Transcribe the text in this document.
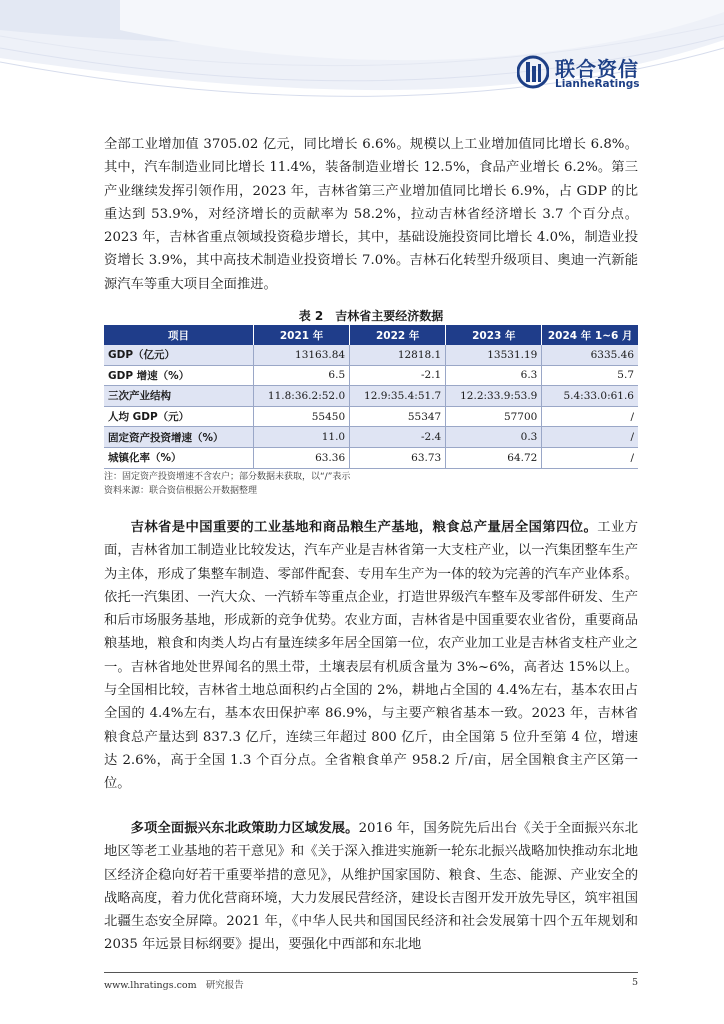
联合资信
LianheRatings

全部工业增加值 3705.02 亿元，同比增长 6.6%。规模以上工业增加值同比增长 6.8%。其中，汽车制造业同比增长 11.4%，装备制造业增长 12.5%，食品产业增长 6.2%。第三产业继续发挥引领作用，2023 年，吉林省第三产业增加值同比增长 6.9%，占 GDP 的比重达到 53.9%，对经济增长的贡献率为 58.2%，拉动吉林省经济增长 3.7 个百分点。2023 年，吉林省重点领域投资稳步增长，其中，基础设施投资同比增长 4.0%，制造业投资增长 3.9%，其中高技术制造业投资增长 7.0%。吉林石化转型升级项目、奥迪一汽新能源汽车等重大项目全面推进。

表 2　吉林省主要经济数据
项目	2021 年	2022 年	2023 年	2024 年 1~6 月
GDP（亿元）	13163.84	12818.1	13531.19	6335.46
GDP 增速（%）	6.5	-2.1	6.3	5.7
三次产业结构	11.8:36.2:52.0	12.9:35.4:51.7	12.2:33.9:53.9	5.4:33.0:61.6
人均 GDP（元）	55450	55347	57700	/
固定资产投资增速（%）	11.0	-2.4	0.3	/
城镇化率（%）	63.36	63.73	64.72	/
注：固定资产投资增速不含农户；部分数据未获取，以“/”表示
资料来源：联合资信根据公开数据整理

吉林省是中国重要的工业基地和商品粮生产基地，粮食总产量居全国第四位。工业方面，吉林省加工制造业比较发达，汽车产业是吉林省第一大支柱产业，以一汽集团整车生产为主体，形成了集整车制造、零部件配套、专用车生产为一体的较为完善的汽车产业体系。依托一汽集团、一汽大众、一汽轿车等重点企业，打造世界级汽车整车及零部件研发、生产和后市场服务基地，形成新的竞争优势。农业方面，吉林省是中国重要农业省份，重要商品粮基地，粮食和肉类人均占有量连续多年居全国第一位，农产业加工业是吉林省支柱产业之一。吉林省地处世界闻名的黑土带，土壤表层有机质含量为 3%~6%，高者达 15%以上。与全国相比较，吉林省土地总面积约占全国的 2%，耕地占全国的 4.4%左右，基本农田占全国的 4.4%左右，基本农田保护率 86.9%，与主要产粮省基本一致。2023 年，吉林省粮食总产量达到 837.3 亿斤，连续三年超过 800 亿斤，由全国第 5 位升至第 4 位，增速达 2.6%，高于全国 1.3 个百分点。全省粮食单产 958.2 斤/亩，居全国粮食主产区第一位。

多项全面振兴东北政策助力区域发展。2016 年，国务院先后出台《关于全面振兴东北地区等老工业基地的若干意见》和《关于深入推进实施新一轮东北振兴战略加快推动东北地区经济企稳向好若干重要举措的意见》，从维护国家国防、粮食、生态、能源、产业安全的战略高度，着力优化营商环境，大力发展民营经济，建设长吉图开发开放先导区，筑牢祖国北疆生态安全屏障。2021 年，《中华人民共和国国民经济和社会发展第十四个五年规划和 2035 年远景目标纲要》提出，要强化中西部和东北地

www.lhratings.com 研究报告	5
